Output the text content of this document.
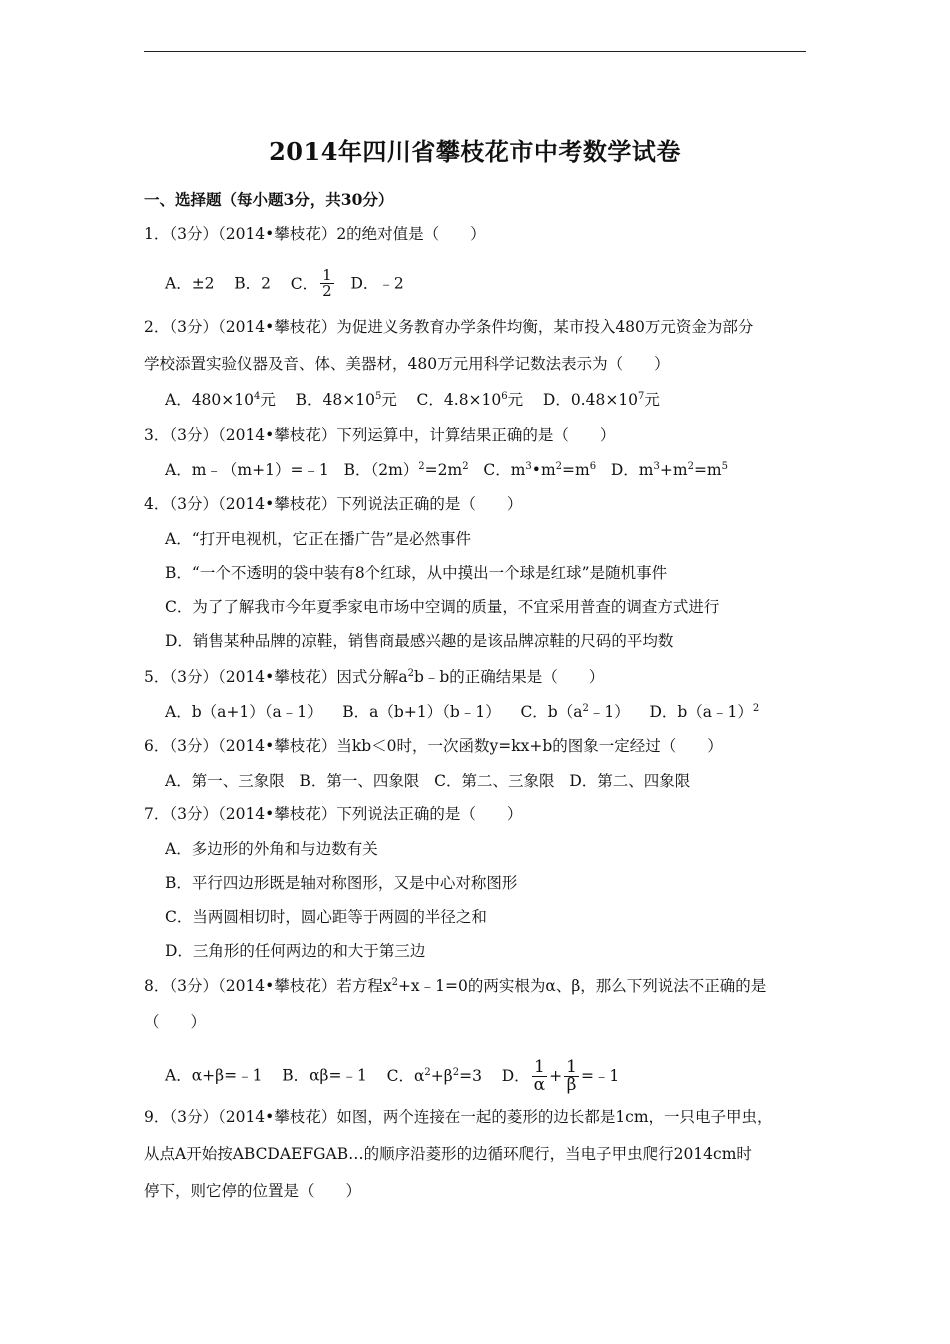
2014年四川省攀枝花市中考数学试卷
一、选择题（每小题3分，共30分）
1．（3分）（2014•攀枝花）2的绝对值是（　　）
A．±2 B．2 C． $\frac{1}{2}$ D．﹣2
2．（3分）（2014•攀枝花）为促进义务教育办学条件均衡，某市投入480万元资金为部分
学校添置实验仪器及音、体、美器材，480万元用科学记数法表示为（　　）
A．$480\times 10^4$元 B．$48\times 10^5$元 C．$4.8\times 10^6$元 D．$0.48\times 10^7$元
3．（3分）（2014•攀枝花）下列运算中，计算结果正确的是（　　）
A．m﹣（m+1）=﹣1 B．$(2m)^2=2m^2$ C．$m^3•m^2=m^6$ D．$m^3+m^2=m^5$
4．（3分）（2014•攀枝花）下列说法正确的是（　　）
A．“打开电视机，它正在播广告”是必然事件
B．“一个不透明的袋中装有8个红球，从中摸出一个球是红球”是随机事件
C．为了了解我市今年夏季家电市场中空调的质量，不宜采用普查的调查方式进行
D．销售某种品牌的凉鞋，销售商最感兴趣的是该品牌凉鞋的尺码的平均数
5．（3分）（2014•攀枝花）因式分解$a^2b﹣b$的正确结果是（　　）
A．b（a+1）（a﹣1） B．a（b+1）（b﹣1） C．$b(a^2﹣1)$ D．b（a﹣1）$^2$
6．（3分）（2014•攀枝花）当kb＜0时，一次函数y=kx+b的图象一定经过（　　）
A．第一、三象限 B．第一、四象限 C．第二、三象限 D．第二、四象限
7．（3分）（2014•攀枝花）下列说法正确的是（　　）
A．多边形的外角和与边数有关
B．平行四边形既是轴对称图形，又是中心对称图形
C．当两圆相切时，圆心距等于两圆的半径之和
D．三角形的任何两边的和大于第三边
8．（3分）（2014•攀枝花）若方程$x^2+x﹣1=0$的两实根为α、β，那么下列说法不正确的是
（　　）
A．α+β=﹣1 B．αβ=﹣1 C．$\alpha^2+\beta^2=3$ D． $\frac{1}{\alpha} + \frac{1}{\beta}$ =﹣1
9．（3分）（2014•攀枝花）如图，两个连接在一起的菱形的边长都是1cm，一只电子甲虫，
从点A开始按ABCDAEFGAB…的顺序沿菱形的边循环爬行，当电子甲虫爬行2014cm时
停下，则它停的位置是（　　）
